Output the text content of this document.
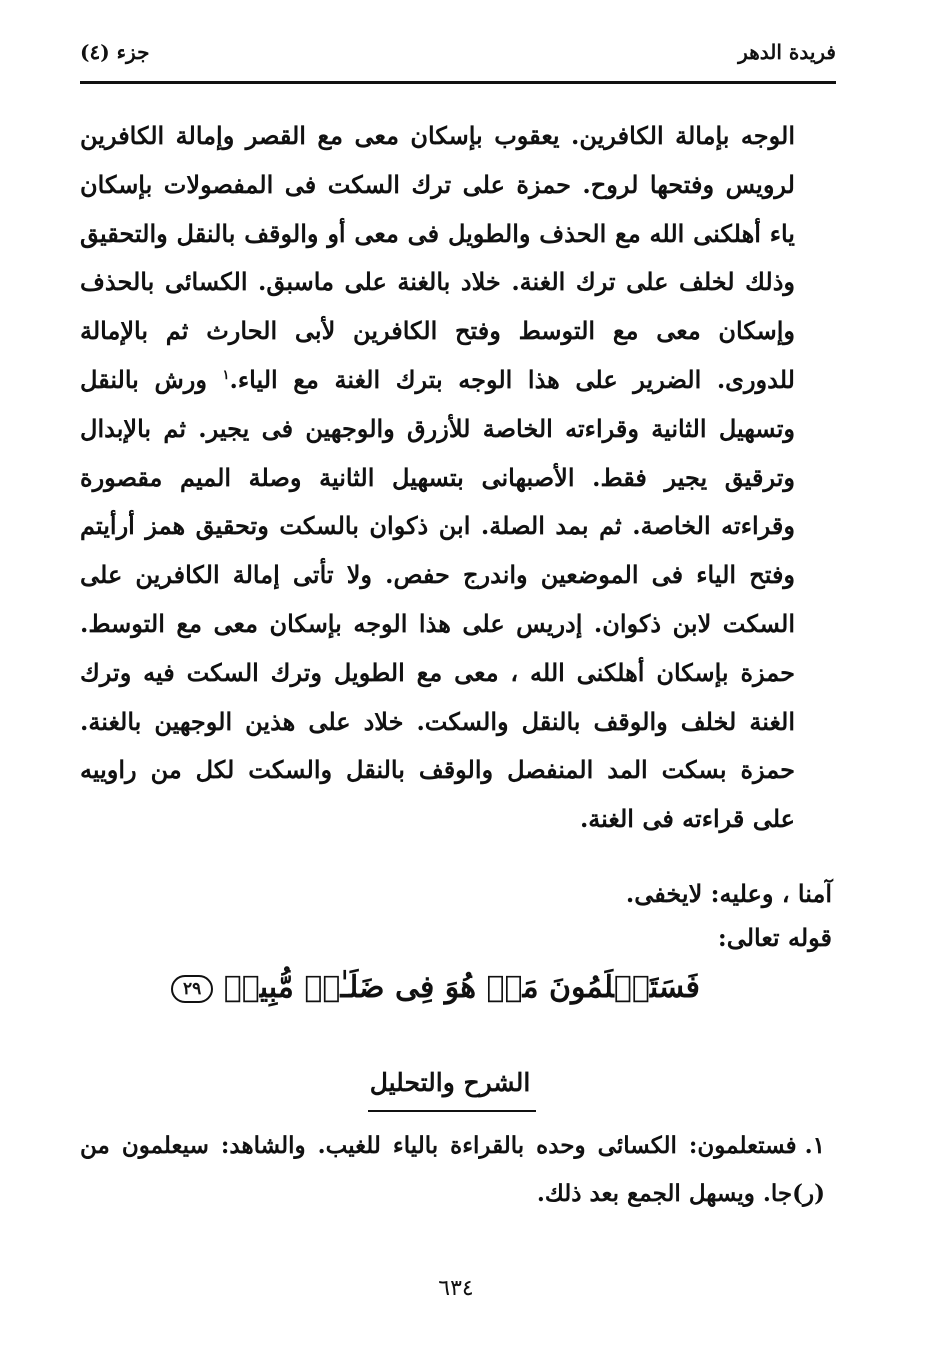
فريدة الدهر
جزء (٤)

الوجه بإمالة الكافرين. يعقوب بإسكان معى مع القصر وإمالة الكافرين لرويس وفتحها لروح. حمزة على ترك السكت فى المفصولات بإسكان ياء أهلكنى الله مع الحذف والطويل فى معى أو والوقف بالنقل والتحقيق وذلك لخلف على ترك الغنة. خلاد بالغنة على ماسبق. الكسائى بالحذف وإسكان معى مع التوسط وفتح الكافرين لأبى الحارث ثم بالإمالة للدورى. الضرير على هذا الوجه بترك الغنة مع الياء.$^١$ ورش بالنقل وتسهيل الثانية وقراءته الخاصة للأزرق والوجهين فى يجير. ثم بالإبدال وترقيق يجير فقط. الأصبهانى بتسهيل الثانية وصلة الميم مقصورة وقراءته الخاصة. ثم بمد الصلة. ابن ذكوان بالسكت وتحقيق همز أرأيتم وفتح الياء فى الموضعين واندرج حفص. ولا تأتى إمالة الكافرين على السكت لابن ذكوان. إدريس على هذا الوجه بإسكان معى مع التوسط. حمزة بإسكان أهلكنى الله ، معى مع الطويل وترك السكت فيه وترك الغنة لخلف والوقف بالنقل والسكت. خلاد على هذين الوجهين بالغنة. حمزة بسكت المد المنفصل والوقف بالنقل والسكت لكل من راوييه على قراءته فى الغنة.

آمنا ، وعليه: لايخفى.
قوله تعالى:
فَسَتَعۡلَمُونَ مَنۡ هُوَ فِى ضَلَـٰلٖ مُّبِينٖ ٢٩
الشرح والتحليل
١.فستعلمون: الكسائى وحده بالقراءة بالياء للغيب. والشاهد: سيعلمون من (ر)جا. ويسهل الجمع بعد ذلك.
٦٣٤
